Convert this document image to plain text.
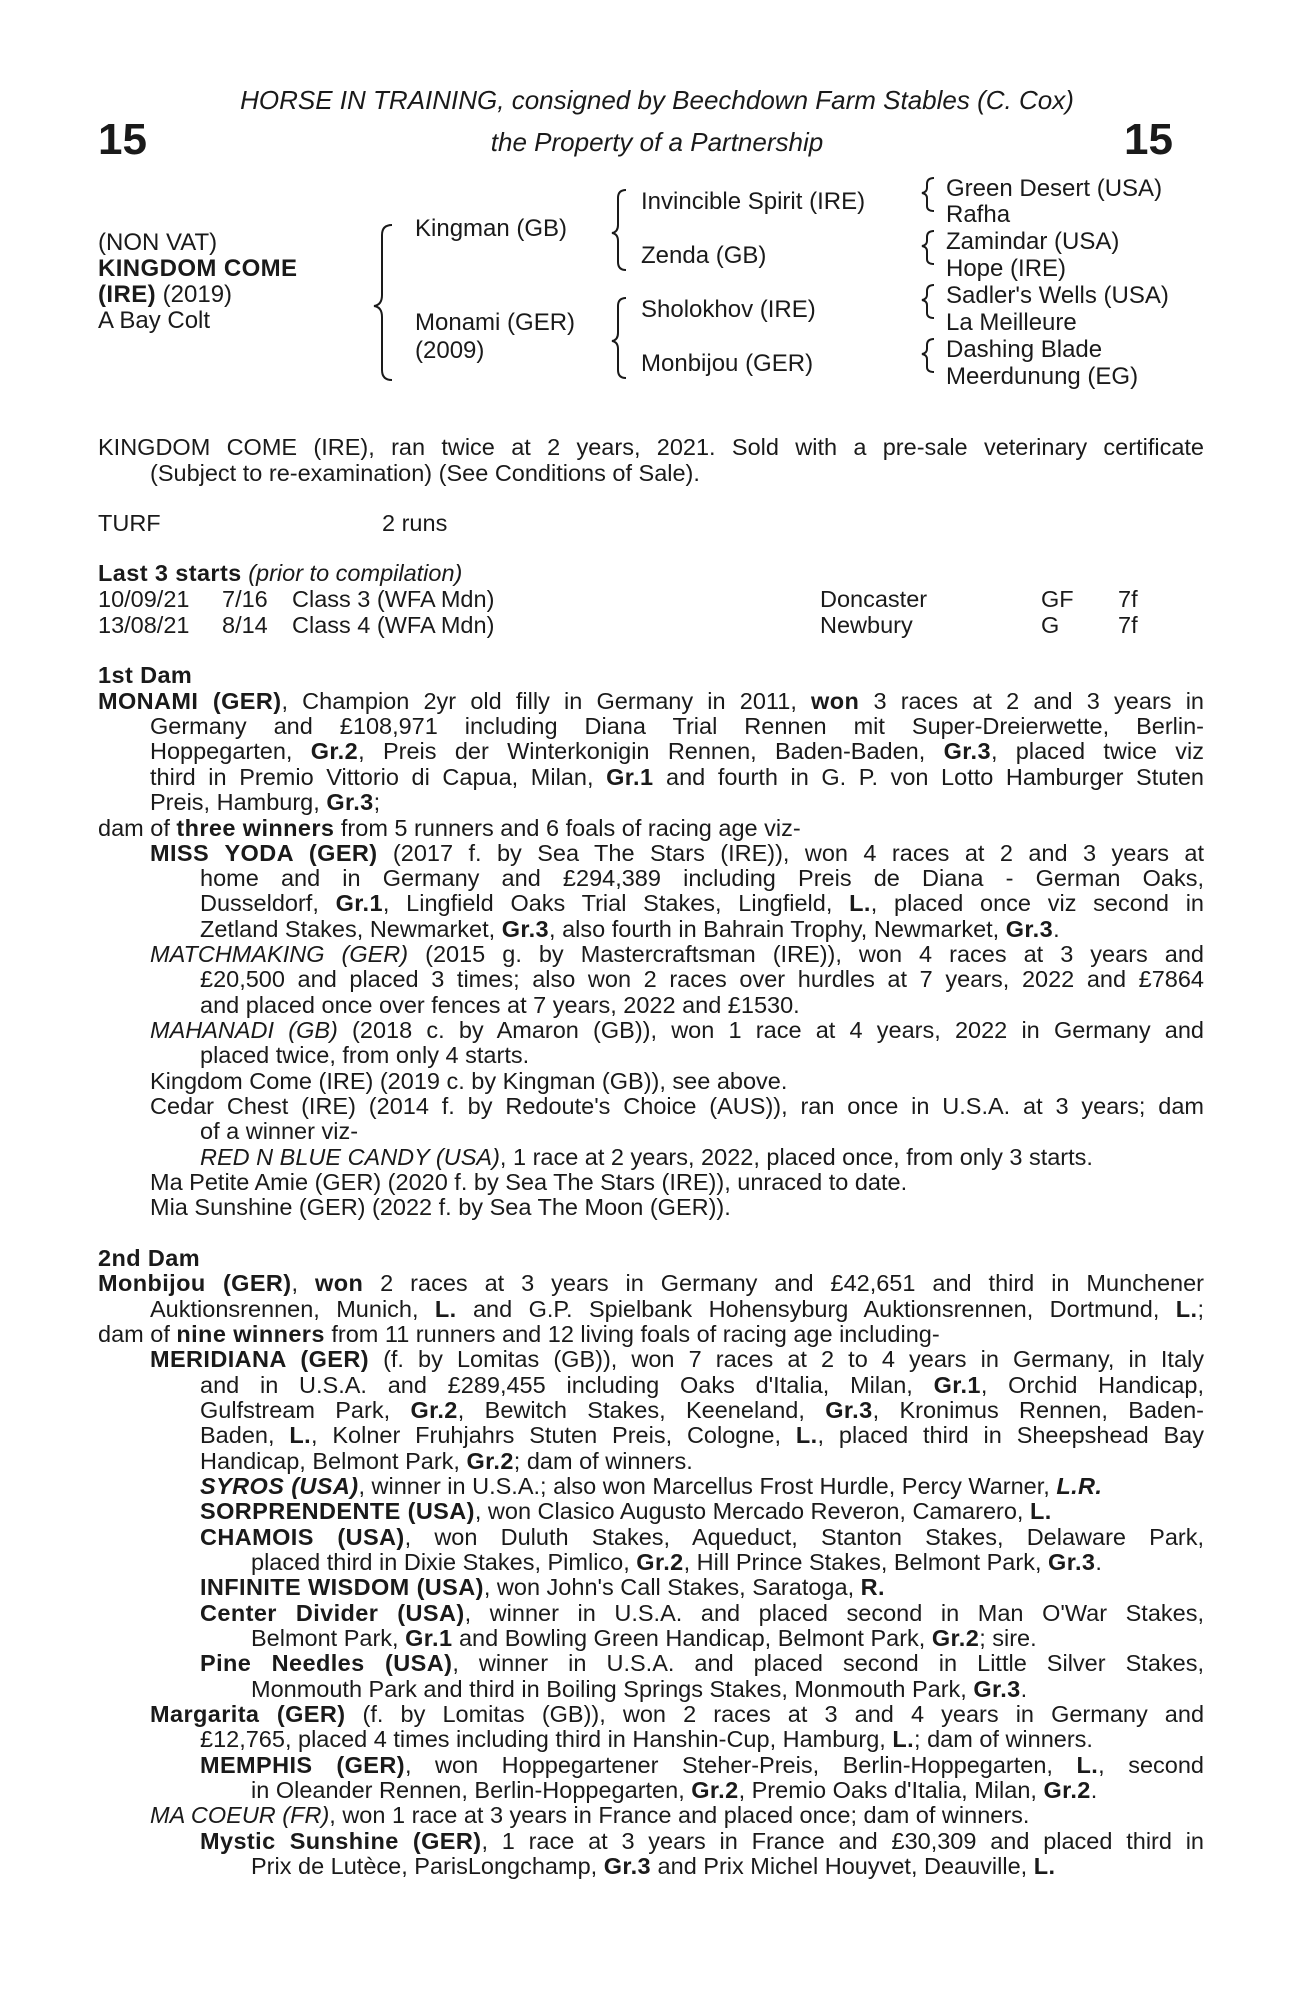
15	15
HORSE IN TRAINING, consigned by Beechdown Farm Stables (C. Cox)
the Property of a Partnership
(NON VAT)
KINGDOM COME
(IRE) (2019)
A Bay Colt
Kingman (GB)
Monami (GER)
(2009)
Invincible Spirit (IRE)
Zenda (GB)
Sholokhov (IRE)
Monbijou (GER)
Green Desert (USA)
Rafha
Zamindar (USA)
Hope (IRE)
Sadler's Wells (USA)
La Meilleure
Dashing Blade
Meerdunung (EG)
KINGDOM COME (IRE), ran twice at 2 years, 2021. Sold with a pre-sale veterinary certificate
(Subject to re-examination) (See Conditions of Sale).
TURF	2 runs
Last 3 starts (prior to compilation)
10/09/21 7/16 Class 3 (WFA Mdn)	Doncaster	GF 7f
13/08/21 8/14 Class 4 (WFA Mdn)	Newbury	G 7f
1st Dam
MONAMI (GER), Champion 2yr old filly in Germany in 2011, won 3 races at 2 and 3 years in
Germany and £108,971 including Diana Trial Rennen mit Super-Dreierwette, Berlin-
Hoppegarten, Gr.2, Preis der Winterkonigin Rennen, Baden-Baden, Gr.3, placed twice viz
third in Premio Vittorio di Capua, Milan, Gr.1 and fourth in G. P. von Lotto Hamburger Stuten
Preis, Hamburg, Gr.3;
dam of three winners from 5 runners and 6 foals of racing age viz-
MISS YODA (GER) (2017 f. by Sea The Stars (IRE)), won 4 races at 2 and 3 years at
home and in Germany and £294,389 including Preis de Diana - German Oaks,
Dusseldorf, Gr.1, Lingfield Oaks Trial Stakes, Lingfield, L., placed once viz second in
Zetland Stakes, Newmarket, Gr.3, also fourth in Bahrain Trophy, Newmarket, Gr.3.
MATCHMAKING (GER) (2015 g. by Mastercraftsman (IRE)), won 4 races at 3 years and
£20,500 and placed 3 times; also won 2 races over hurdles at 7 years, 2022 and £7864
and placed once over fences at 7 years, 2022 and £1530.
MAHANADI (GB) (2018 c. by Amaron (GB)), won 1 race at 4 years, 2022 in Germany and
placed twice, from only 4 starts.
Kingdom Come (IRE) (2019 c. by Kingman (GB)), see above.
Cedar Chest (IRE) (2014 f. by Redoute's Choice (AUS)), ran once in U.S.A. at 3 years; dam
of a winner viz-
RED N BLUE CANDY (USA), 1 race at 2 years, 2022, placed once, from only 3 starts.
Ma Petite Amie (GER) (2020 f. by Sea The Stars (IRE)), unraced to date.
Mia Sunshine (GER) (2022 f. by Sea The Moon (GER)).
2nd Dam
Monbijou (GER), won 2 races at 3 years in Germany and £42,651 and third in Munchener
Auktionsrennen, Munich, L. and G.P. Spielbank Hohensyburg Auktionsrennen, Dortmund, L.;
dam of nine winners from 11 runners and 12 living foals of racing age including-
MERIDIANA (GER) (f. by Lomitas (GB)), won 7 races at 2 to 4 years in Germany, in Italy
and in U.S.A. and £289,455 including Oaks d'Italia, Milan, Gr.1, Orchid Handicap,
Gulfstream Park, Gr.2, Bewitch Stakes, Keeneland, Gr.3, Kronimus Rennen, Baden-
Baden, L., Kolner Fruhjahrs Stuten Preis, Cologne, L., placed third in Sheepshead Bay
Handicap, Belmont Park, Gr.2; dam of winners.
SYROS (USA), winner in U.S.A.; also won Marcellus Frost Hurdle, Percy Warner, L.R.
SORPRENDENTE (USA), won Clasico Augusto Mercado Reveron, Camarero, L.
CHAMOIS (USA), won Duluth Stakes, Aqueduct, Stanton Stakes, Delaware Park,
placed third in Dixie Stakes, Pimlico, Gr.2, Hill Prince Stakes, Belmont Park, Gr.3.
INFINITE WISDOM (USA), won John's Call Stakes, Saratoga, R.
Center Divider (USA), winner in U.S.A. and placed second in Man O'War Stakes,
Belmont Park, Gr.1 and Bowling Green Handicap, Belmont Park, Gr.2; sire.
Pine Needles (USA), winner in U.S.A. and placed second in Little Silver Stakes,
Monmouth Park and third in Boiling Springs Stakes, Monmouth Park, Gr.3.
Margarita (GER) (f. by Lomitas (GB)), won 2 races at 3 and 4 years in Germany and
£12,765, placed 4 times including third in Hanshin-Cup, Hamburg, L.; dam of winners.
MEMPHIS (GER), won Hoppegartener Steher-Preis, Berlin-Hoppegarten, L., second
in Oleander Rennen, Berlin-Hoppegarten, Gr.2, Premio Oaks d'Italia, Milan, Gr.2.
MA COEUR (FR), won 1 race at 3 years in France and placed once; dam of winners.
Mystic Sunshine (GER), 1 race at 3 years in France and £30,309 and placed third in
Prix de Lutèce, ParisLongchamp, Gr.3 and Prix Michel Houyvet, Deauville, L.
